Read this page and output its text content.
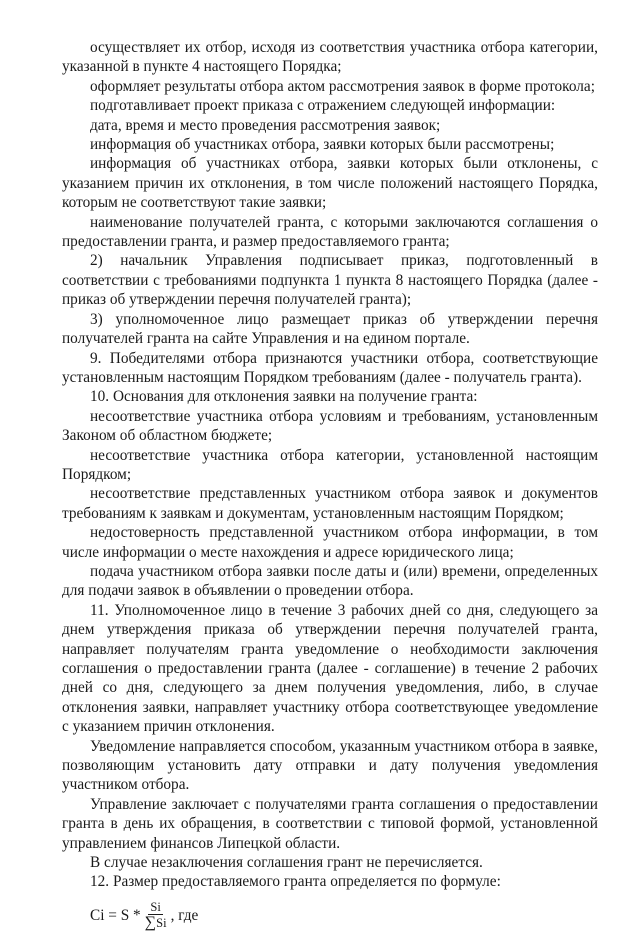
осуществляет их отбор, исходя из соответствия участника отбора категории, указанной в пункте 4 настоящего Порядка;

оформляет результаты отбора актом рассмотрения заявок в форме протокола;

подготавливает проект приказа с отражением следующей информации:

дата, время и место проведения рассмотрения заявок;

информация об участниках отбора, заявки которых были рассмотрены;

информация об участниках отбора, заявки которых были отклонены, с указанием причин их отклонения, в том числе положений настоящего Порядка, которым не соответствуют такие заявки;

наименование получателей гранта, с которыми заключаются соглашения о предоставлении гранта, и размер предоставляемого гранта;

2) начальник Управления подписывает приказ, подготовленный в соответствии с требованиями подпункта 1 пункта 8 настоящего Порядка (далее - приказ об утверждении перечня получателей гранта);

3) уполномоченное лицо размещает приказ об утверждении перечня получателей гранта на сайте Управления и на едином портале.

9. Победителями отбора признаются участники отбора, соответствующие установленным настоящим Порядком требованиям (далее - получатель гранта).

10. Основания для отклонения заявки на получение гранта:

несоответствие участника отбора условиям и требованиям, установленным Законом об областном бюджете;

несоответствие участника отбора категории, установленной настоящим Порядком;

несоответствие представленных участником отбора заявок и документов требованиям к заявкам и документам, установленным настоящим Порядком;

недостоверность представленной участником отбора информации, в том числе информации о месте нахождения и адресе юридического лица;

подача участником отбора заявки после даты и (или) времени, определенных для подачи заявок в объявлении о проведении отбора.

11. Уполномоченное лицо в течение 3 рабочих дней со дня, следующего за днем утверждения приказа об утверждении перечня получателей гранта, направляет получателям гранта уведомление о необходимости заключения соглашения о предоставлении гранта (далее - соглашение) в течение 2 рабочих дней со дня, следующего за днем получения уведомления, либо, в случае отклонения заявки, направляет участнику отбора соответствующее уведомление с указанием причин отклонения.

Уведомление направляется способом, указанным участником отбора в заявке, позволяющим установить дату отправки и дату получения уведомления участником отбора.

Управление заключает с получателями гранта соглашения о предоставлении гранта в день их обращения, в соответствии с типовой формой, установленной управлением финансов Липецкой области.

В случае незаключения соглашения грант не перечисляется.

12. Размер предоставляемого гранта определяется по формуле:

$Ci = S * \frac{Si}{\sum Si}$ , где
